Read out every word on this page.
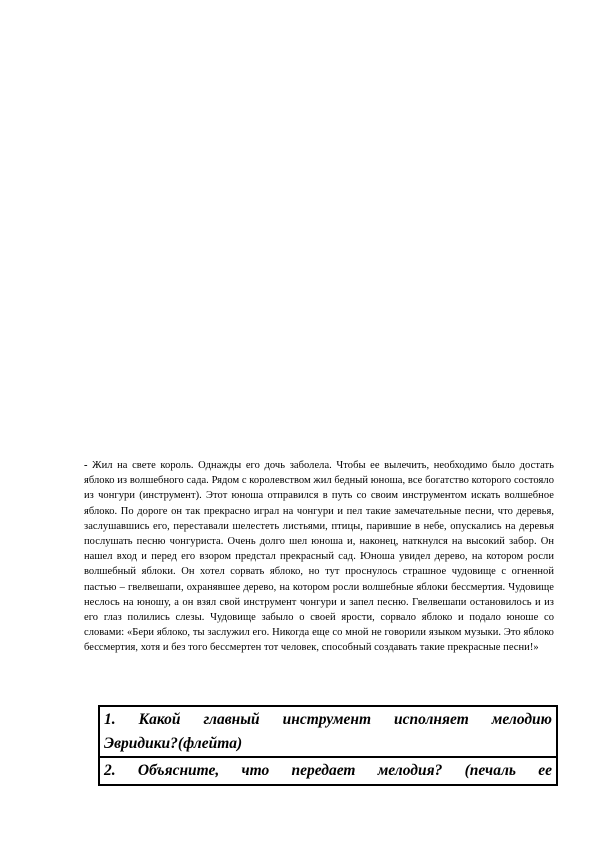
- Жил на свете король. Однажды его дочь заболела. Чтобы ее вылечить, необходимо было достать яблоко из волшебного сада. Рядом с королевством жил бедный юноша, все богатство которого состояло из чонгури (инструмент). Этот юноша отправился в путь со своим инструментом искать волшебное яблоко. По дороге он так прекрасно играл на чонгури и пел такие замечательные песни, что деревья, заслушавшись его, переставали шелестеть листьями, птицы, парившие в небе, опускались на деревья послушать песню чонгуриста. Очень долго шел юноша и, наконец, наткнулся на высокий забор. Он нашел вход и перед его взором предстал прекрасный сад. Юноша увидел дерево, на котором росли волшебный яблоки. Он хотел сорвать яблоко, но тут проснулось страшное чудовище с огненной пастью – гвелвешапи, охранявшее дерево, на котором росли волшебные яблоки бессмертия. Чудовище неслось на юношу, а он взял свой инструмент чонгури и запел песню. Гвелвешапи остановилось и из его глаз полились слезы. Чудовище забыло о своей ярости, сорвало яблоко и подало юноше со словами: «Бери яблоко, ты заслужил его. Никогда еще со мной не говорили языком музыки. Это яблоко бессмертия, хотя и без того бессмертен тот человек, способный создавать такие прекрасные песни!»

1. Какой главный инструмент исполняет мелодию
Эвридики?(флейта)

2. Объясните, что передает мелодия? (печаль ее
